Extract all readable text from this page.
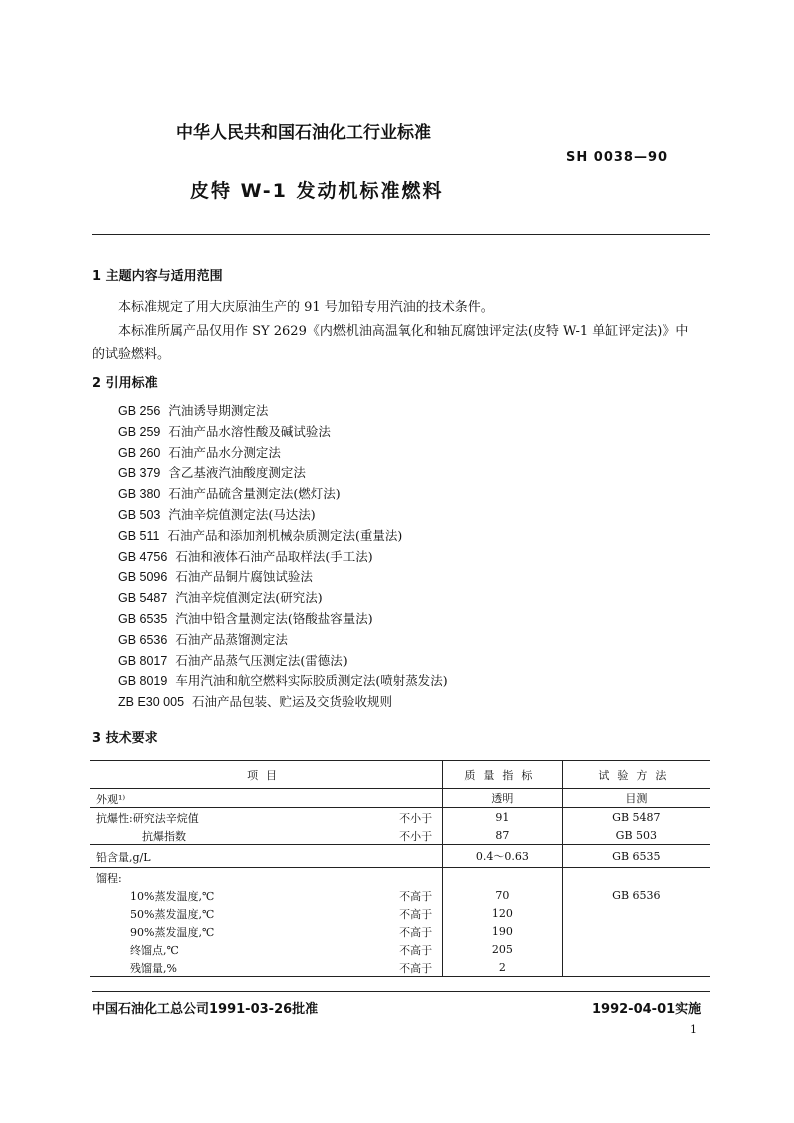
中华人民共和国石油化工行业标准
SH 0038—90
皮特 W-1 发动机标准燃料
1 主题内容与适用范围
本标准规定了用大庆原油生产的 91 号加铅专用汽油的技术条件。
本标准所属产品仅用作 SY 2629《内燃机油高温氧化和轴瓦腐蚀评定法(皮特 W-1 单缸评定法)》中
的试验燃料。
2 引用标准
GB 256 汽油诱导期测定法
GB 259 石油产品水溶性酸及碱试验法
GB 260 石油产品水分测定法
GB 379 含乙基液汽油酸度测定法
GB 380 石油产品硫含量测定法(燃灯法)
GB 503 汽油辛烷值测定法(马达法)
GB 511 石油产品和添加剂机械杂质测定法(重量法)
GB 4756 石油和液体石油产品取样法(手工法)
GB 5096 石油产品铜片腐蚀试验法
GB 5487 汽油辛烷值测定法(研究法)
GB 6535 汽油中铅含量测定法(铬酸盐容量法)
GB 6536 石油产品蒸馏测定法
GB 8017 石油产品蒸气压测定法(雷德法)
GB 8019 车用汽油和航空燃料实际胶质测定法(喷射蒸发法)
ZB E30 005 石油产品包装、贮运及交货验收规则
3 技术要求
项目	质量指标	试验方法

外观¹⁾	透明	目测

抗爆性:研究法辛烷值 不小于	91	GB 5487

抗爆指数 不小于	87	GB 503

铅含量,g/L	0.4～0.63	GB 6535

馏程:		

10%蒸发温度,℃ 不高于	70	GB 6536

50%蒸发温度,℃ 不高于	120	

90%蒸发温度,℃ 不高于	190	

终馏点,℃ 不高于	205	

残馏量,% 不高于	2	
中国石油化工总公司1991-03-26批准	1992-04-01实施
1
